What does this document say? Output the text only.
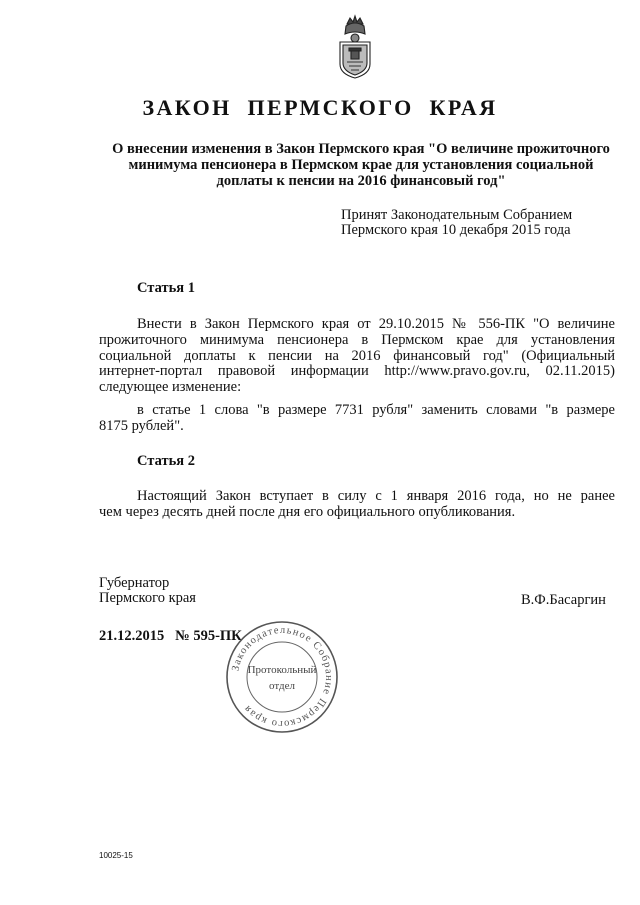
ЗАКОН ПЕРМСКОГО КРАЯ
О внесении изменения в Закон Пермского края "О величине прожиточного
минимума пенсионера в Пермском крае для установления социальной
доплаты к пенсии на 2016 финансовый год"
Принят Законодательным Собранием
Пермского края 10 декабря 2015 года
Статья 1
Внести в Закон Пермского края от 29.10.2015 № 556-ПК "О величине
прожиточного минимума пенсионера в Пермском крае для установления
социальной доплаты к пенсии на 2016 финансовый год" (Официальный
интернет-портал правовой информации http://www.pravo.gov.ru, 02.11.2015)
следующее изменение:
в статье 1 слова "в размере 7731 рубля" заменить словами "в размере
8175 рублей".
Статья 2
Настоящий Закон вступает в силу с 1 января 2016 года, но не ранее
чем через десять дней после дня его официального опубликования.
Губернатор
Пермского края	В.Ф.Басаргин
21.12.2015   № 595-ПК
Законодательное Собрание Пермского края
Протокольный
отдел
10025-15
